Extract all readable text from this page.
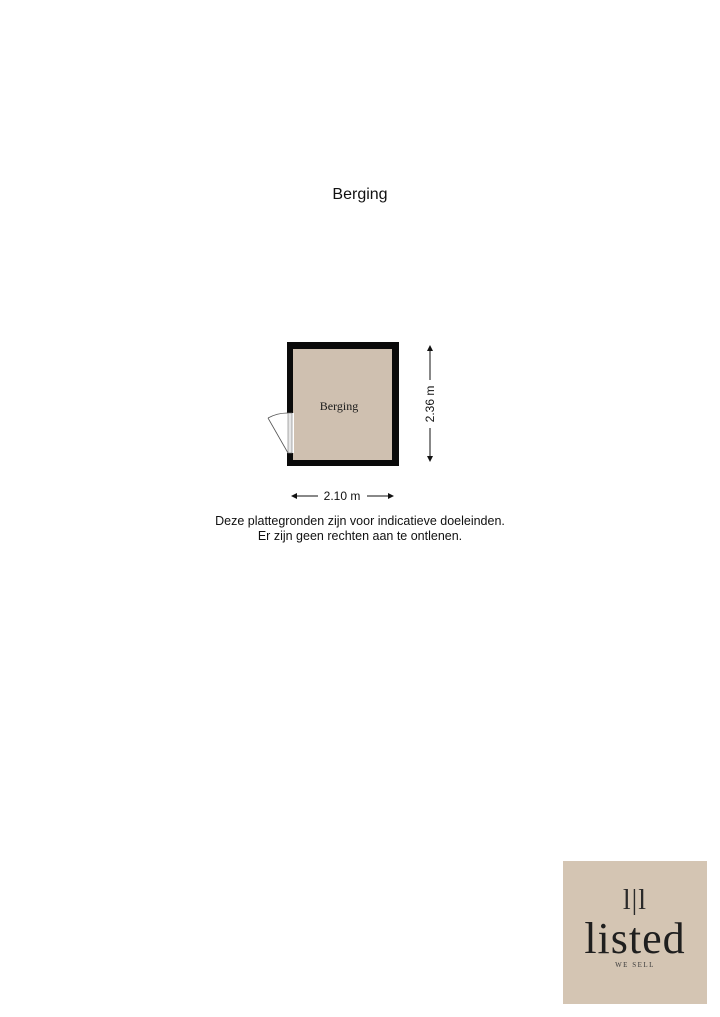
Berging
Berging	2.36 m
2.10 m
Deze plattegronden zijn voor indicatieve doeleinden.
Er zijn geen rechten aan te ontlenen.
l|l
listed
WE SELL
